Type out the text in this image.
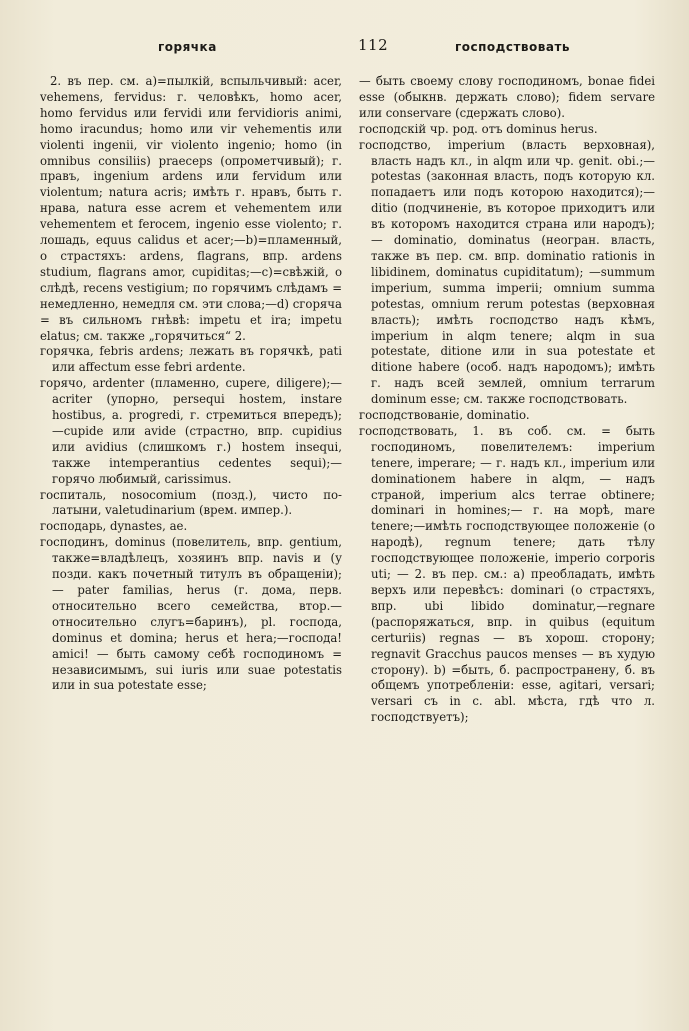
горячка	112	господствовать

2. въ пер. см. а)=пылкій, вспыльчивый: acer, vehemens, fervidus: г. человѣкъ, homo acer, homo fervidus или fervidi или fervidioris animi, homo iracundus; homo или vir vehementis или violenti ingenii, vir violento ingenio; homo (in omnibus consiliis) praeceps (опрометчивый); г. правъ, ingenium ardens или fervidum или violentum; natura acris; имѣть г. нравъ, быть г. нрава, natura esse acrem et vehementem или vehementem et ferocem, ingenio esse violento; г. лошадь, equus calidus et acer;—b)=пламенный, о страстяхъ: ardens, flagrans, впр. ardens studium, flagrans amor, cupiditas;—c)=свѣжій, о слѣдѣ, recens vestigium; по горячимъ слѣдамъ = немедленно, немедля см. эти слова;—d) сгоряча = въ сильномъ гнѣвѣ: impetu et ira; impetu elatus; см. также „горячиться“ 2.

горячка, febris ardens; лежать въ горячкѣ, pati или affectum esse febri ardente.

горячо, ardenter (пламенно, cupere, diligere);—acriter (упорно, persequi hostem, instare hostibus, a. progredi, г. стремиться впередъ); —cupide или avide (страстно, впр. cupidius или avidius (слишкомъ г.) hostem insequi, также intemperantius cedentes sequi);— горячо любимый, carissimus.

госпиталь, nosocomium (позд.), чисто по-латыни, valetudinarium (врем. импер.).

господарь, dynastes, ae.

господинъ, dominus (повелитель, впр. gentium, также=владѣлецъ, хозяинъ впр. navis и (у позди. какъ почетный титулъ въ обращеніи); — pater familias, herus (г. дома, перв. относительно всего семейства, втор.—относительно слугъ=баринъ), pl. господа, dominus et domina; herus et hera;—господа! amici! — быть самому себѣ господиномъ = независимымъ, sui iuris или suae potestatis или in sua potestate esse;

— быть своему слову господиномъ, bonae fidei esse (обыкнв. держать слово); fidem servare или conservare (сдержать слово).

господскій чр. род. отъ dominus herus.

господство, imperium (власть верховная), власть надъ кл., in alqm или чр. genit. obi.;—potestas (законная власть, подъ которую кл. попадаетъ или подъ которою находится);— ditio (подчиненіе, въ которое приходитъ или въ которомъ находится страна или народъ);— dominatio, dominatus (неогран. власть, также въ пер. см. впр. dominatio rationis in libidinem, dominatus cupiditatum); —summum imperium, summa imperii; omnium summa potestas, omnium rerum potestas (верховная власть); имѣть господство надъ кѣмъ, imperium in alqm tenere; alqm in sua potestate, ditione или in sua potestate et ditione habere (особ. надъ народомъ); имѣть г. надъ всей землей, omnium terrarum dominum esse; см. также господствовать.

господствованіе, dominatio.

господствовать, 1. въ соб. см. = быть господиномъ, повелителемъ: imperium tenere, imperare; — г. надъ кл., imperium или dominationem habere in alqm, — надъ страной, imperium alcs terrae obtinere; dominari in homines;— г. на морѣ, mare tenere;—имѣть господствующее положеніе (о народѣ), regnum tenere; дать тѣлу господствующее положеніе, imperio corporis uti; — 2. въ пер. см.: a) преобладать, имѣть верхъ или перевѣсъ: dominari (о страстяхъ, впр. ubi libido dominatur,—regnare (распоряжаться, впр. in quibus (equitum certuriis) regnas — въ хорош. сторону; regnavit Gracchus paucos menses — въ худую сторону). b) =быть, б. распространену, б. въ общемъ употребленіи: esse, agitari, versari; versari съ in c. abl. мѣста, гдѣ что л. господствуетъ);
